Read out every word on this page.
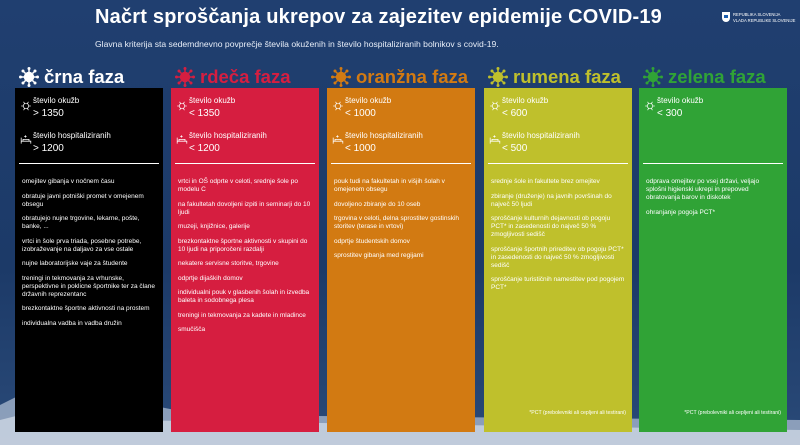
Načrt sproščanja ukrepov za zajezitev epidemije COVID-19	REPUBLIKA SLOVENIJA
VLADA REPUBLIKE SLOVENIJE
Glavna kriterija sta sedemdnevno povprečje števila okuženih in število hospitaliziranih bolnikov s covid-19.
črna faza
število okužb
> 1350
število hospitaliziranih
> 1200
omejitev gibanja v nočnem času
obratuje javni potniški promet v omejenem obsegu
obratujejo nujne trgovine, lekarne, pošte, banke, ...
vrtci in šole prva triada, posebne potrebe, izobraževanje na daljavo za vse ostale
nujne laboratorijske vaje za študente
treningi in tekmovanja za vrhunske, perspektivne in poklicne športnike ter za člane državnih reprezentanc
brezkontaktne športne aktivnosti na prostem
individualna vadba in vadba družin
rdeča faza
število okužb
< 1350
število hospitaliziranih
< 1200
vrtci in OŠ odprte v celoti, srednje šole po modelu C
na fakultetah dovoljeni izpiti in seminarji do 10 ljudi
muzeji, knjižnice, galerije
brezkontaktne športne aktivnosti v skupini do 10 ljudi na priporočeni razdalji
nekatere servisne storitve, trgovine
odprtje dijaških domov
individualni pouk v glasbenih šolah in izvedba baleta in sodobnega plesa
treningi in tekmovanja za kadete in mladince
smučišča
oranžna faza
število okužb
< 1000
število hospitaliziranih
< 1000
pouk tudi na fakultetah in višjih šolah v omejenem obsegu
dovoljeno zbiranje do 10 oseb
trgovina v celoti, delna sprostitev gostinskih storitev (terase in vrtovi)
odprtje študentskih domov
sprostitev gibanja med regijami
rumena faza
število okužb
< 600
število hospitaliziranih
< 500
srednje šole in fakultete brez omejitev
zbiranje (druženje) na javnih površinah do največ 50 ljudi
sproščanje kulturnih dejavnosti ob pogoju PCT* in zasedenosti do največ 50 % zmogljivosti sedišč
sproščanje športnih prireditev ob pogoju PCT* in zasedenosti do največ 50 % zmogljivosti sedišč
sproščanje turističnih namestitev pod pogojem PCT*
*PCT (prebolevniki ali cepljeni ali testirani)
zelena faza
število okužb
< 300
odprava omejitev po vsej državi, veljajo splošni higienski ukrepi in prepoved obratovanja barov in diskotek
ohranjanje pogoja PCT*
*PCT (prebolevniki ali cepljeni ali testirani)
